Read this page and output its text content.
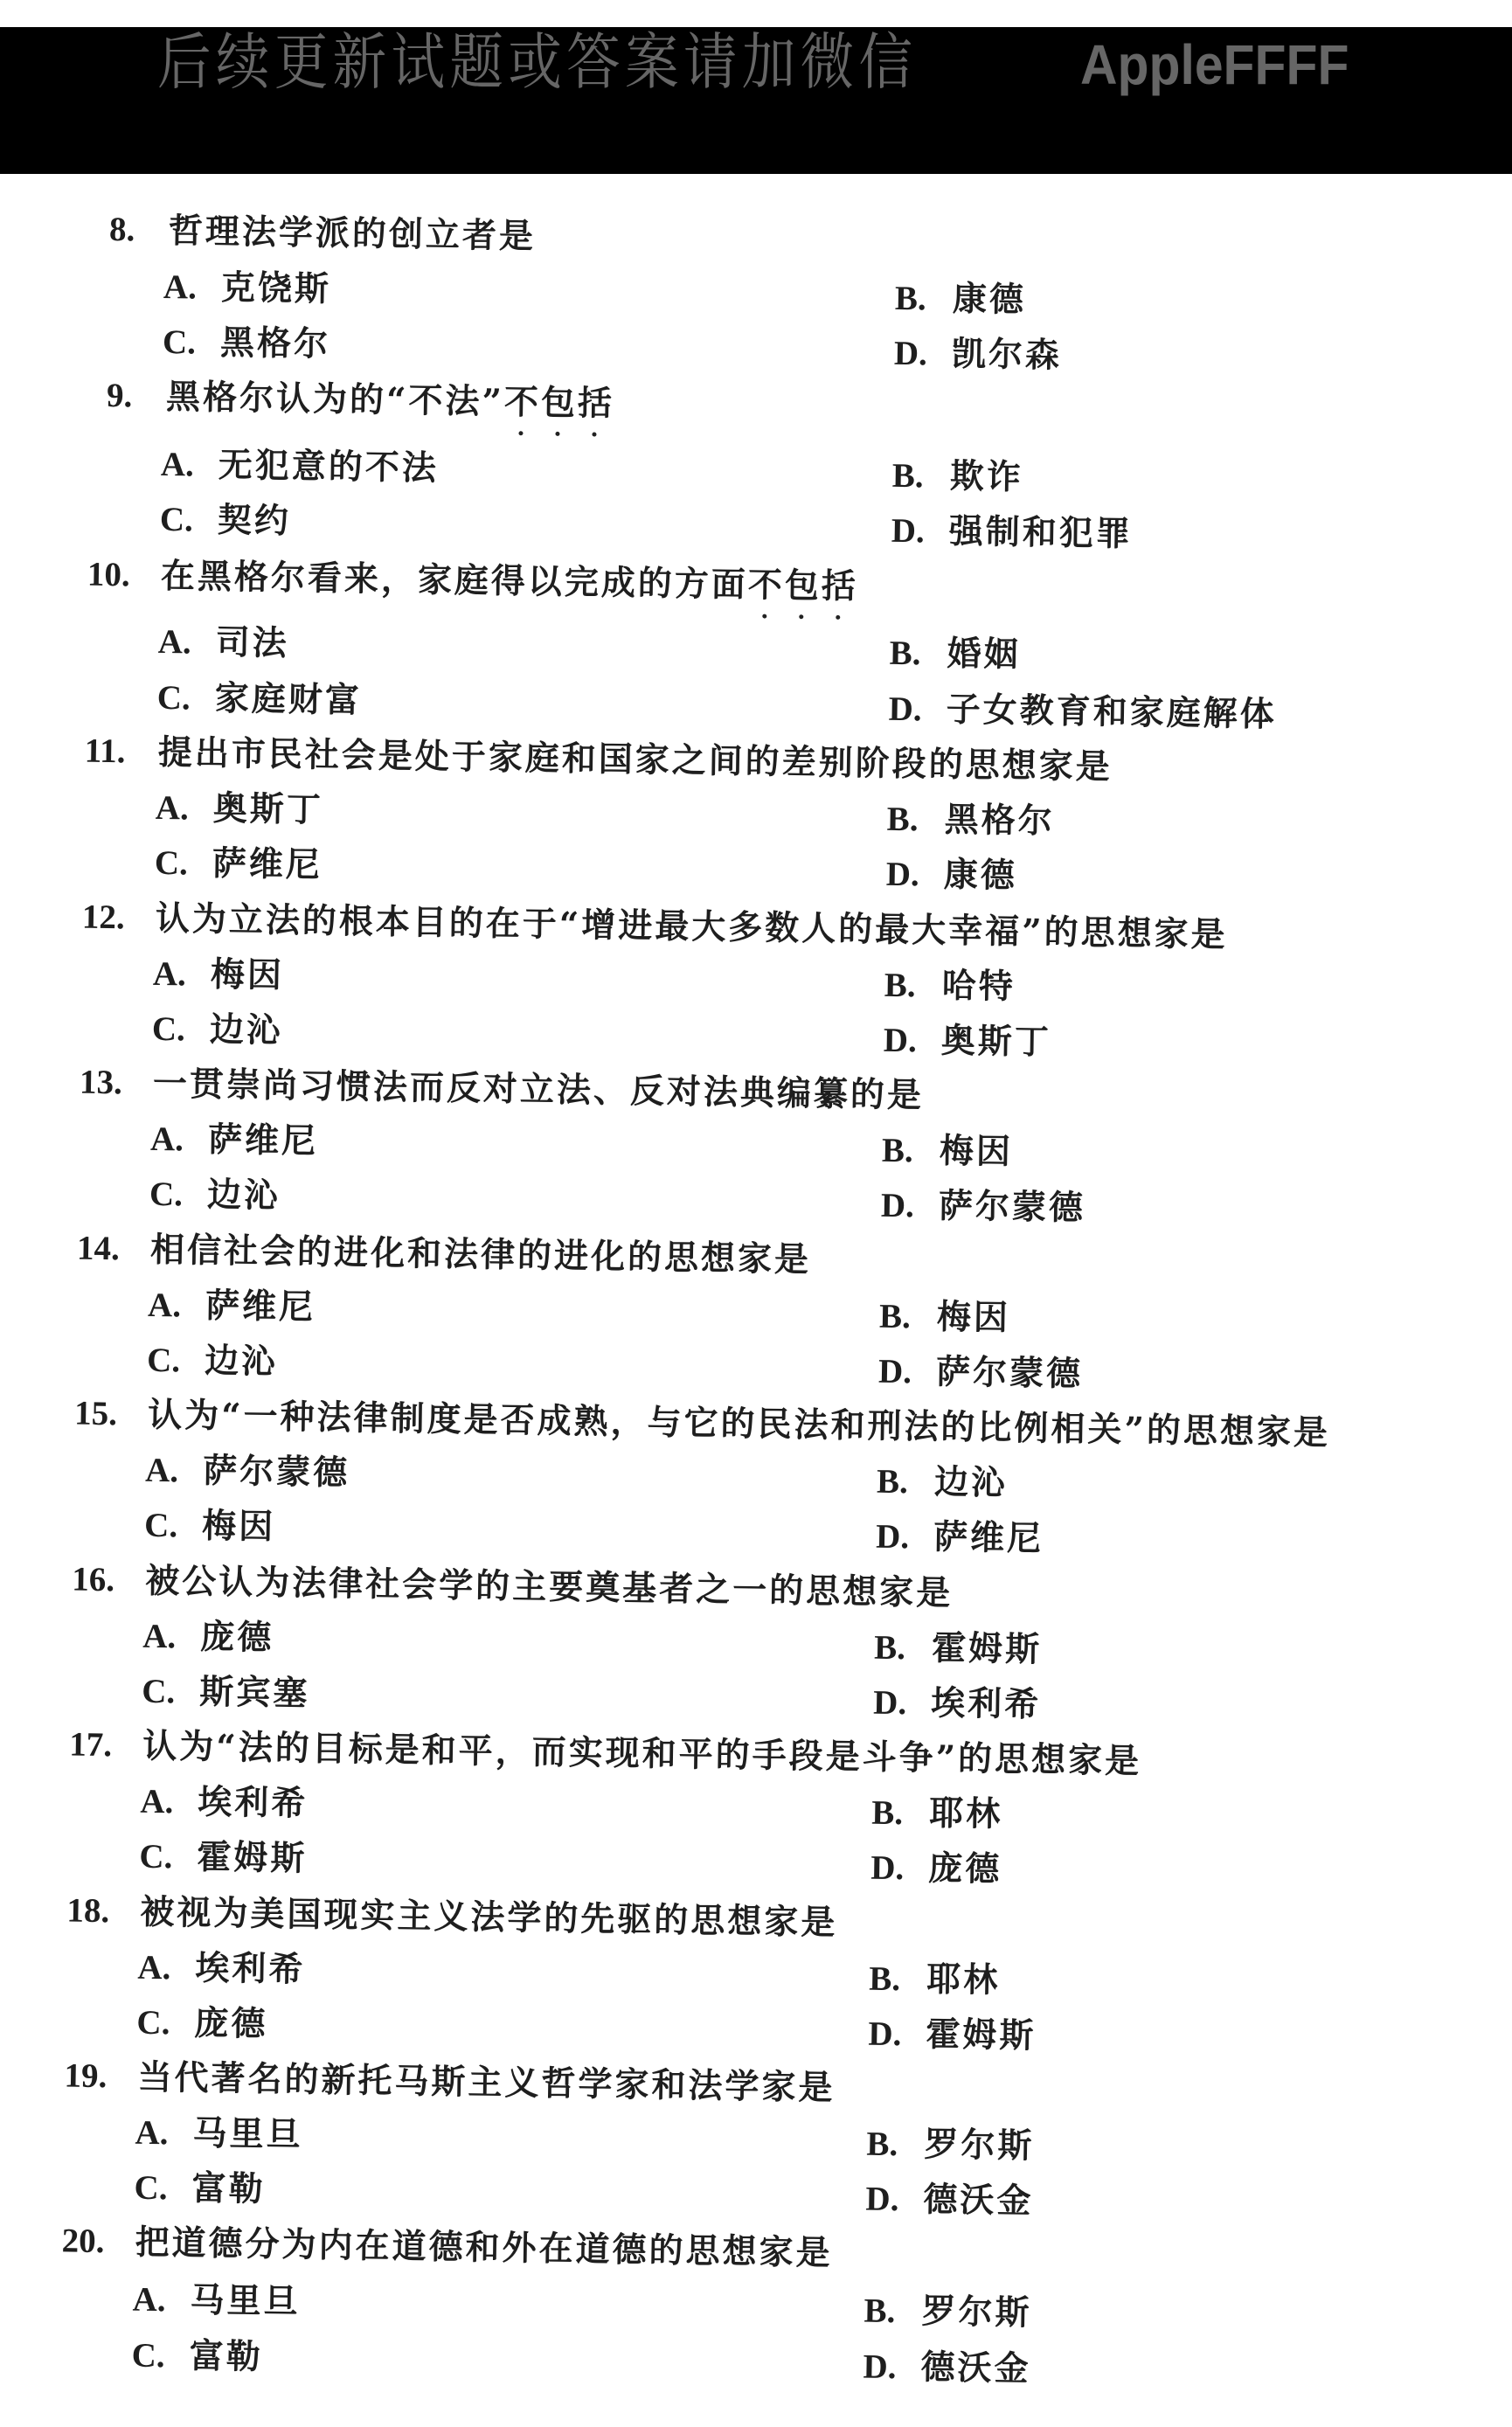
后续更新试题或答案请加微信	AppleFFFF
8. 哲理法学派的创立者是
A. 克饶斯	B. 康德
C. 黑格尔	D. 凯尔森
9. 黑格尔认为的“不法”不包括
A. 无犯意的不法	B. 欺诈
C. 契约	D. 强制和犯罪
10. 在黑格尔看来，家庭得以完成的方面不包括
A. 司法	B. 婚姻
C. 家庭财富	D. 子女教育和家庭解体
11. 提出市民社会是处于家庭和国家之间的差别阶段的思想家是
A. 奥斯丁	B. 黑格尔
C. 萨维尼	D. 康德
12. 认为立法的根本目的在于“增进最大多数人的最大幸福”的思想家是
A. 梅因	B. 哈特
C. 边沁	D. 奥斯丁
13. 一贯崇尚习惯法而反对立法、反对法典编纂的是
A. 萨维尼	B. 梅因
C. 边沁	D. 萨尔蒙德
14. 相信社会的进化和法律的进化的思想家是
A. 萨维尼	B. 梅因
C. 边沁	D. 萨尔蒙德
15. 认为“一种法律制度是否成熟，与它的民法和刑法的比例相关”的思想家是
A. 萨尔蒙德	B. 边沁
C. 梅因	D. 萨维尼
16. 被公认为法律社会学的主要奠基者之一的思想家是
A. 庞德	B. 霍姆斯
C. 斯宾塞	D. 埃利希
17. 认为“法的目标是和平，而实现和平的手段是斗争”的思想家是
A. 埃利希	B. 耶林
C. 霍姆斯	D. 庞德
18. 被视为美国现实主义法学的先驱的思想家是
A. 埃利希	B. 耶林
C. 庞德	D. 霍姆斯
19. 当代著名的新托马斯主义哲学家和法学家是
A. 马里旦	B. 罗尔斯
C. 富勒	D. 德沃金
20. 把道德分为内在道德和外在道德的思想家是
A. 马里旦	B. 罗尔斯
C. 富勒	D. 德沃金
